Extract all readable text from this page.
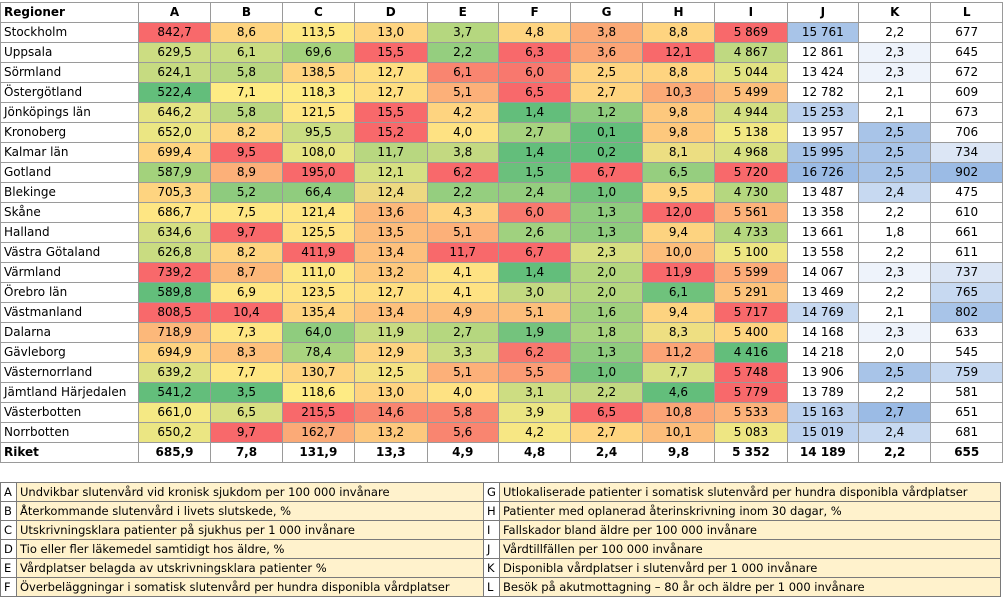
Regioner	A	B	C	D	E	F	G	H	I	J	K	L
Stockholm	842,7	8,6	113,5	13,0	3,7	4,8	3,8	8,8	5 869	15 761	2,2	677
Uppsala	629,5	6,1	69,6	15,5	2,2	6,3	3,6	12,1	4 867	12 861	2,3	645
Sörmland	624,1	5,8	138,5	12,7	6,1	6,0	2,5	8,8	5 044	13 424	2,3	672
Östergötland	522,4	7,1	118,3	12,7	5,1	6,5	2,7	10,3	5 499	12 782	2,1	609
Jönköpings län	646,2	5,8	121,5	15,5	4,2	1,4	1,2	9,8	4 944	15 253	2,1	673
Kronoberg	652,0	8,2	95,5	15,2	4,0	2,7	0,1	9,8	5 138	13 957	2,5	706
Kalmar län	699,4	9,5	108,0	11,7	3,8	1,4	0,2	8,1	4 968	15 995	2,5	734
Gotland	587,9	8,9	195,0	12,1	6,2	1,5	6,7	6,5	5 720	16 726	2,5	902
Blekinge	705,3	5,2	66,4	12,4	2,2	2,4	1,0	9,5	4 730	13 487	2,4	475
Skåne	686,7	7,5	121,4	13,6	4,3	6,0	1,3	12,0	5 561	13 358	2,2	610
Halland	634,6	9,7	125,5	13,5	5,1	2,6	1,3	9,4	4 733	13 661	1,8	661
Västra Götaland	626,8	8,2	411,9	13,4	11,7	6,7	2,3	10,0	5 100	13 558	2,2	611
Värmland	739,2	8,7	111,0	13,2	4,1	1,4	2,0	11,9	5 599	14 067	2,3	737
Örebro län	589,8	6,9	123,5	12,7	4,1	3,0	2,0	6,1	5 291	13 469	2,2	765
Västmanland	808,5	10,4	135,4	13,4	4,9	5,1	1,6	9,4	5 717	14 769	2,1	802
Dalarna	718,9	7,3	64,0	11,9	2,7	1,9	1,8	8,3	5 400	14 168	2,3	633
Gävleborg	694,9	8,3	78,4	12,9	3,3	6,2	1,3	11,2	4 416	14 218	2,0	545
Västernorrland	639,2	7,7	130,7	12,5	5,1	5,5	1,0	7,7	5 748	13 906	2,5	759
Jämtland Härjedalen	541,2	3,5	118,6	13,0	4,0	3,1	2,2	4,6	5 779	13 789	2,2	581
Västerbotten	661,0	6,5	215,5	14,6	5,8	3,9	6,5	10,8	5 533	15 163	2,7	651
Norrbotten	650,2	9,7	162,7	13,2	5,6	4,2	2,7	10,1	5 083	15 019	2,4	681
Riket	685,9	7,8	131,9	13,3	4,9	4,8	2,4	9,8	5 352	14 189	2,2	655
A	Undvikbar slutenvård vid kronisk sjukdom per 100 000 invånare	G	Utlokaliserade patienter i somatisk slutenvård per hundra disponibla vårdplatser
B	Återkommande slutenvård i livets slutskede, %	H	Patienter med oplanerad återinskrivning inom 30 dagar, %
C	Utskrivningsklara patienter på sjukhus per 1 000 invånare	I	Fallskador bland äldre per 100 000 invånare
D	Tio eller fler läkemedel samtidigt hos äldre, %	J	Vårdtillfällen per 100 000 invånare
E	Vårdplatser belagda av utskrivningsklara patienter %	K	Disponibla vårdplatser i slutenvård per 1 000 invånare
F	Överbeläggningar i somatisk slutenvård per hundra disponibla vårdplatser	L	Besök på akutmottagning – 80 år och äldre per 1 000 invånare
